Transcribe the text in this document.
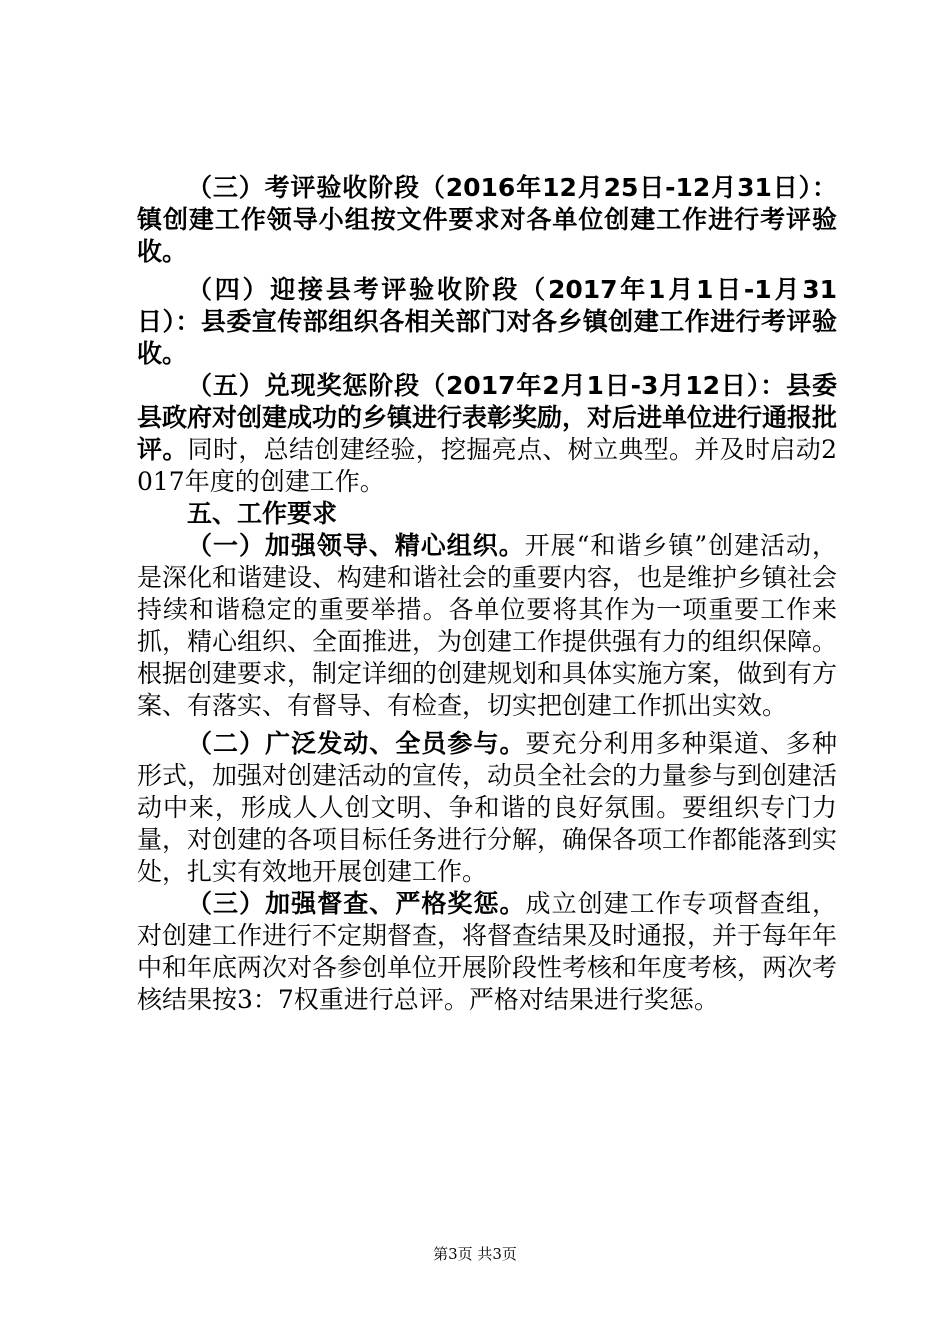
（三）考评验收阶段（2016年12月25日-12月31日）：镇创建工作领导小组按文件要求对各单位创建工作进行考评验收。

（四）迎接县考评验收阶段（2017年1月1日-1月31日）：县委宣传部组织各相关部门对各乡镇创建工作进行考评验收。

（五）兑现奖惩阶段（2017年2月1日-3月12日）：县委县政府对创建成功的乡镇进行表彰奖励，对后进单位进行通报批评。同时，总结创建经验，挖掘亮点、树立典型。并及时启动2017年度的创建工作。

五、工作要求

（一）加强领导、精心组织。开展“和谐乡镇”创建活动，是深化和谐建设、构建和谐社会的重要内容，也是维护乡镇社会持续和谐稳定的重要举措。各单位要将其作为一项重要工作来抓，精心组织、全面推进，为创建工作提供强有力的组织保障。根据创建要求，制定详细的创建规划和具体实施方案，做到有方案、有落实、有督导、有检查，切实把创建工作抓出实效。

（二）广泛发动、全员参与。要充分利用多种渠道、多种形式，加强对创建活动的宣传，动员全社会的力量参与到创建活动中来，形成人人创文明、争和谐的良好氛围。要组织专门力量，对创建的各项目标任务进行分解，确保各项工作都能落到实处，扎实有效地开展创建工作。

（三）加强督查、严格奖惩。成立创建工作专项督查组，对创建工作进行不定期督查，将督查结果及时通报，并于每年年中和年底两次对各参创单位开展阶段性考核和年度考核，两次考核结果按3：7权重进行总评。严格对结果进行奖惩。

第3页 共3页
